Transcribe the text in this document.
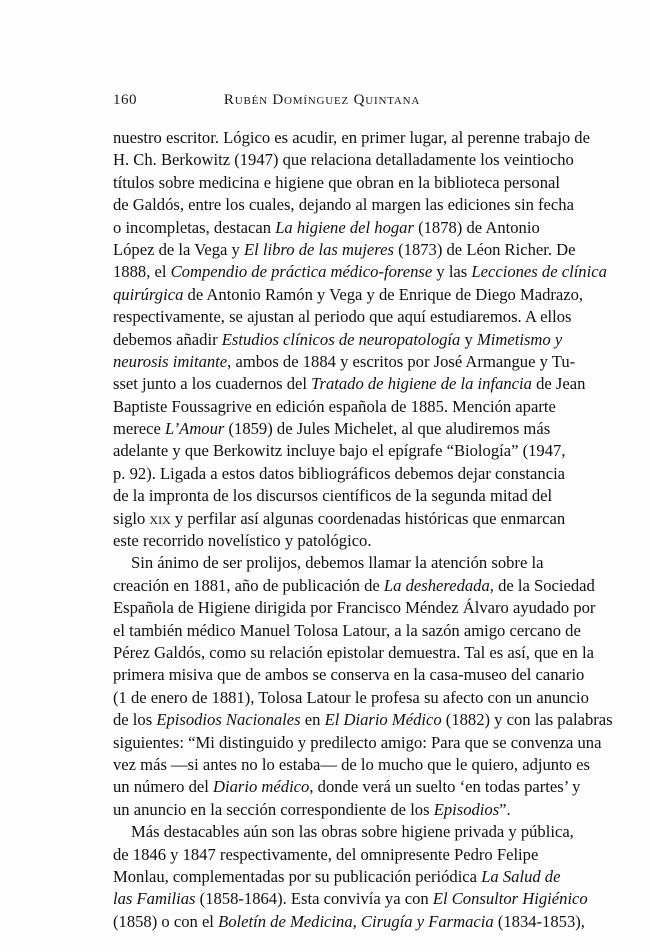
160	Rubén Domínguez Quintana
nuestro escritor. Lógico es acudir, en primer lugar, al perenne trabajo de
H. Ch. Berkowitz (1947) que relaciona detalladamente los veintiocho
títulos sobre medicina e higiene que obran en la biblioteca personal
de Galdós, entre los cuales, dejando al margen las ediciones sin fecha
o incompletas, destacan La higiene del hogar (1878) de Antonio
López de la Vega y El libro de las mujeres (1873) de Léon Richer. De
1888, el Compendio de práctica médico-forense y las Lecciones de clínica
quirúrgica de Antonio Ramón y Vega y de Enrique de Diego Madrazo,
respectivamente, se ajustan al periodo que aquí estudiaremos. A ellos
debemos añadir Estudios clínicos de neuropatología y Mimetismo y
neurosis imitante, ambos de 1884 y escritos por José Armangue y Tu-
sset junto a los cuadernos del Tratado de higiene de la infancia de Jean
Baptiste Foussagrive en edición española de 1885. Mención aparte
merece L’Amour (1859) de Jules Michelet, al que aludiremos más
adelante y que Berkowitz incluye bajo el epígrafe “Biología” (1947,
p. 92). Ligada a estos datos bibliográficos debemos dejar constancia
de la impronta de los discursos científicos de la segunda mitad del
siglo xix y perfilar así algunas coordenadas históricas que enmarcan
este recorrido novelístico y patológico.
Sin ánimo de ser prolijos, debemos llamar la atención sobre la
creación en 1881, año de publicación de La desheredada, de la Sociedad
Española de Higiene dirigida por Francisco Méndez Álvaro ayudado por
el también médico Manuel Tolosa Latour, a la sazón amigo cercano de
Pérez Galdós, como su relación epistolar demuestra. Tal es así, que en la
primera misiva que de ambos se conserva en la casa-museo del canario
(1 de enero de 1881), Tolosa Latour le profesa su afecto con un anuncio
de los Episodios Nacionales en El Diario Médico (1882) y con las palabras
siguientes: “Mi distinguido y predilecto amigo: Para que se convenza una
vez más —si antes no lo estaba— de lo mucho que le quiero, adjunto es
un número del Diario médico, donde verá un suelto ‘en todas partes’ y
un anuncio en la sección correspondiente de los Episodios”.
Más destacables aún son las obras sobre higiene privada y pública,
de 1846 y 1847 respectivamente, del omnipresente Pedro Felipe
Monlau, complementadas por su publicación periódica La Salud de
las Familias (1858-1864). Esta convivía ya con El Consultor Higiénico
(1858) o con el Boletín de Medicina, Cirugía y Farmacia (1834-1853),
